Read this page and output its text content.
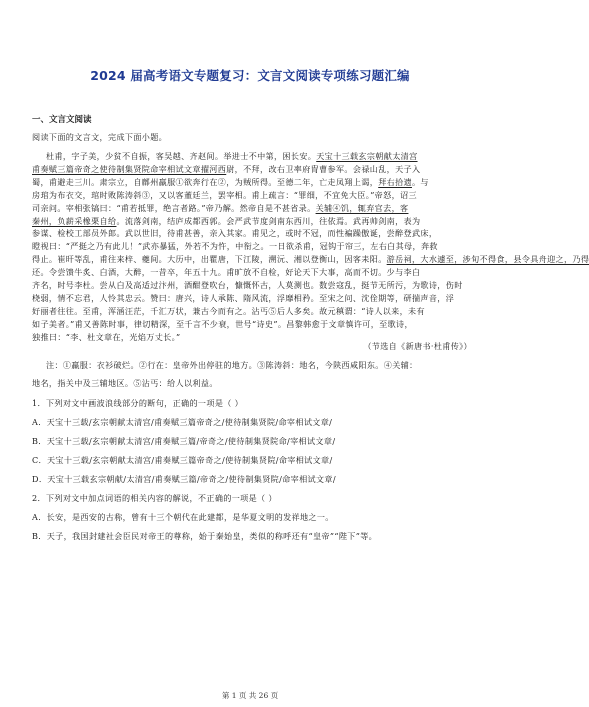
2024 届高考语文专题复习：文言文阅读专项练习题汇编
一、文言文阅读
阅读下面的文言文，完成下面小题。
杜甫，字子美，少贫不自振，客吴越、齐赵间。举进士不中第，困长安。天宝十三载玄宗朝献太清宫
甫奏赋三篇帝奇之使待制集贤院命宰相试文章擢河西尉，不拜，改右卫率府胄曹参军。会禄山乱，天子入
蜀，甫避走三川。肃宗立，自鄜州羸服①欲奔行在②，为贼所得。至德二年，亡走凤翔上谒，拜右拾遗。与
房琯为布衣交，琯时败陈涛斜③，又以客董廷兰，罢宰相。甫上疏言：“罪细，不宜免大臣。”帝怒，诏三
司亲问。宰相张镐曰：“甫若抵罪，绝言者路。”帝乃解。然帝自是不甚省录。关辅④饥，辄弃官去，客
秦州，负薪采橡栗自给。流落剑南，结庐成都西郭。会严武节度剑南东西川，往依焉。武再帅剑南，表为
参谋、检校工部员外郎。武以世旧，待甫甚善，亲入其家。甫见之，或时不冠，而性褊躁傲诞，尝醉登武床，
瞪视曰：“严挺之乃有此儿！”武亦暴猛，外若不为忤，中衔之。一日欲杀甫，冠钩于帘三，左右白其母，奔救
得止。崔旰等乱，甫往来梓、夔间。大历中，出瞿唐，下江陵，溯沅、湘以登衡山，因客耒阳。游岳祠，大水遽至，涉旬不得食，县令具舟迎之，乃得
还。令尝馈牛炙、白酒，大醉，一昔卒，年五十九。甫旷放不自检，好论天下大事，高而不切。少与李白
齐名，时号李杜。尝从白及高适过汴州，酒酣登吹台，慷慨怀古，人莫测也。数尝寇乱，挺节无所污，为歌诗，伤时
桡弱，情不忘君，人怜其忠云。赞曰：唐兴，诗人承陈、隋风流，浮靡相矜。至宋之问、沈佺期等，研揣声音，浮
好丽者往往。至甫，浑涵汪茫，千汇万状，兼古今而有之。沾丐⑤后人多矣。故元稹谓：“诗人以来，未有
如子美者。”甫又善陈时事，律切精深，至千言不少衰，世号“诗史”。昌黎韩愈于文章慎许可，至歌诗，
独推曰：“李、杜文章在，光焰万丈长。”
（节选自《新唐书·杜甫传》）
注：①羸服：衣衫破烂。②行在：皇帝外出停驻的地方。③陈涛斜：地名，今陕西咸阳东。④关辅：
地名，指关中及三辅地区。⑤沾丐：给人以利益。
1．下列对文中画波浪线部分的断句，正确的一项是（ ）
A．天宝十三载/玄宗朝献太清宫/甫奏赋三篇帝奇之/使待制集贤院/命宰相试文章/
B．天宝十三载/玄宗朝献太清宫/甫奏赋三篇/帝奇之/使待制集贤院命/宰相试文章/
C．天宝十三载/玄宗朝献太清宫/甫奏赋三篇帝奇之/使待制集贤院/命宰相试文章/
D．天宝十三载玄宗朝献/太清宫/甫奏赋三篇/帝奇之/使待制集贤院/命宰相试文章/
2．下列对文中加点词语的相关内容的解说，不正确的一项是（ ）
A．长安，是西安的古称，曾有十三个朝代在此建都，是华夏文明的发祥地之一。
B．天子，我国封建社会臣民对帝王的尊称，始于秦始皇，类似的称呼还有“皇帝”“陛下”等。
第 1 页 共 26 页
